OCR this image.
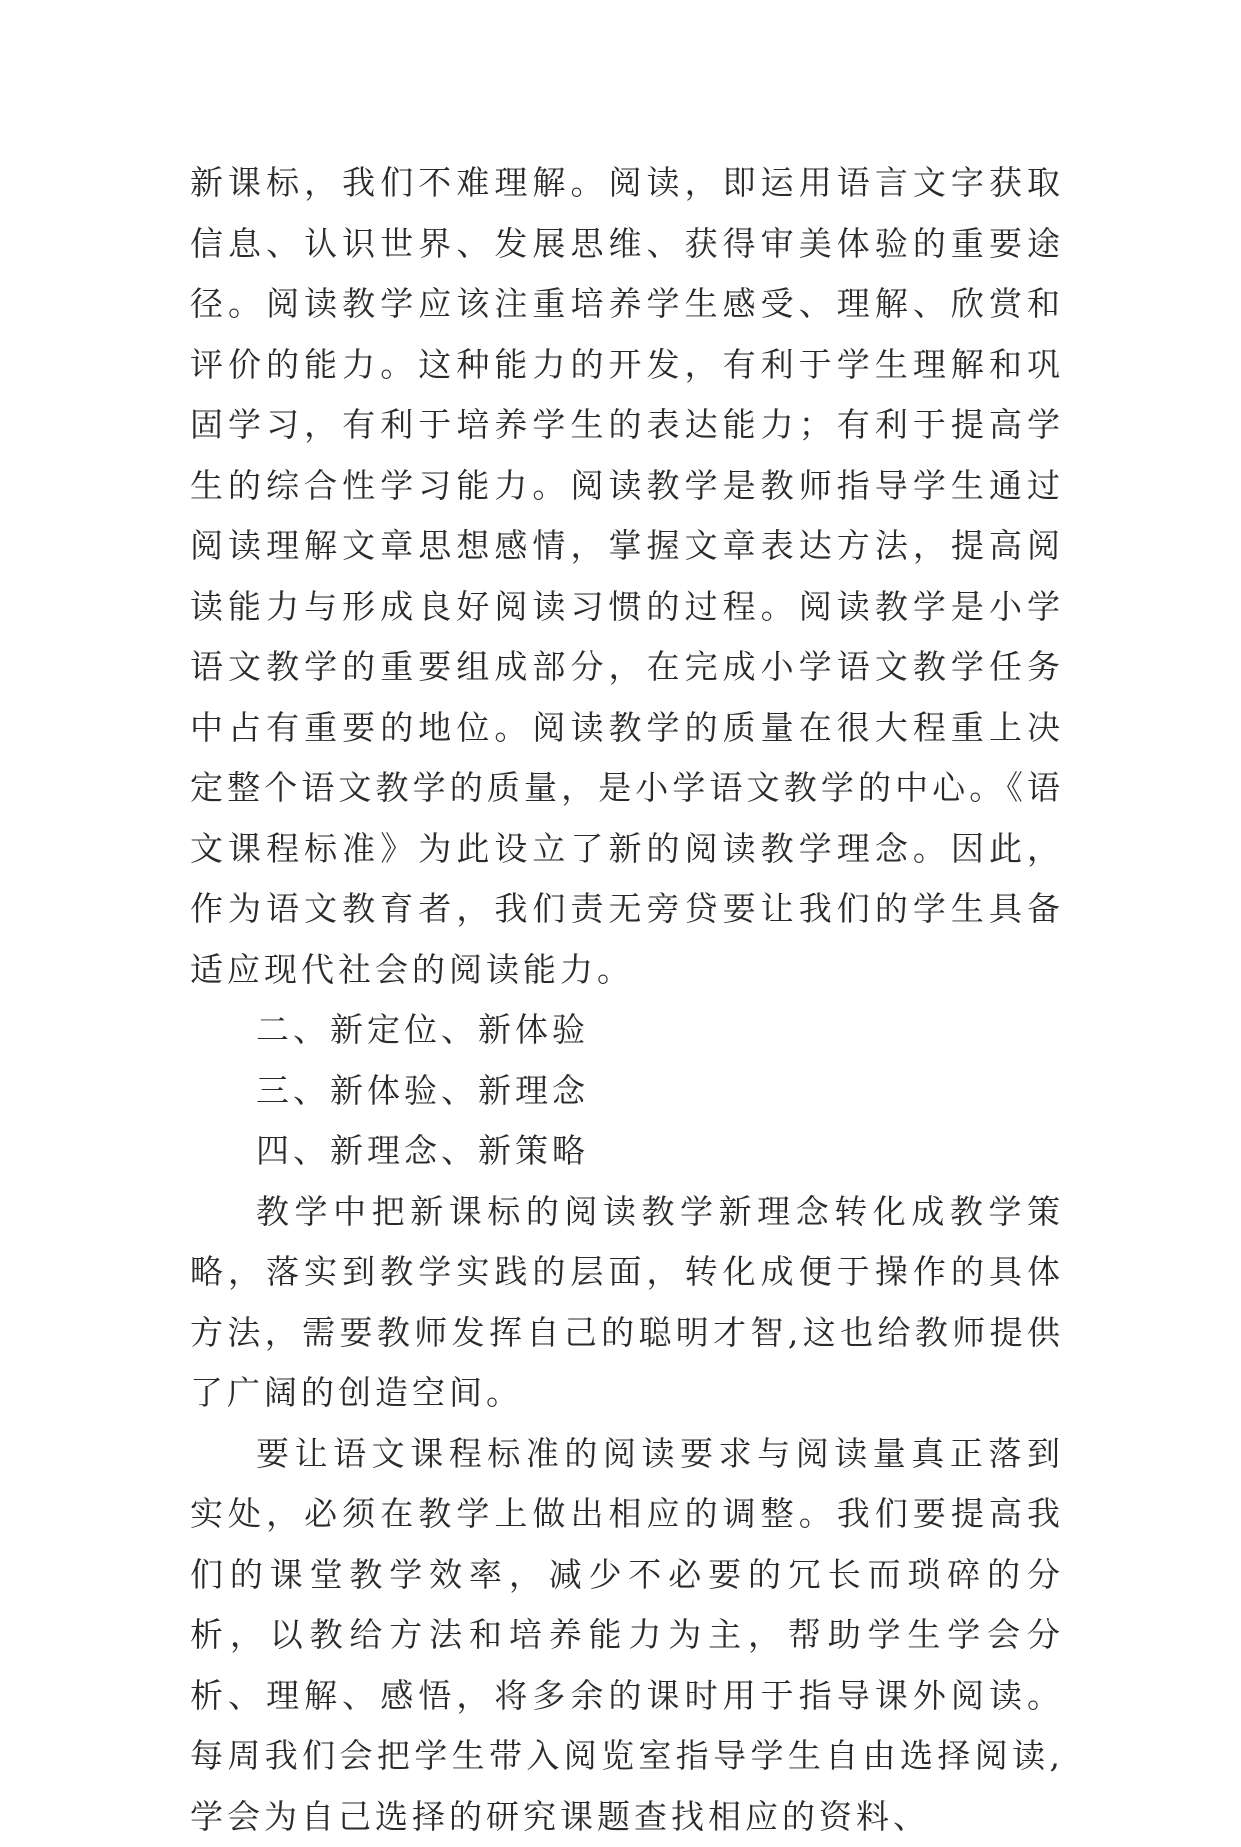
新课标，我们不难理解。阅读，即运用语言文字获取信息、认识世界、发展思维、获得审美体验的重要途径。阅读教学应该注重培养学生感受、理解、欣赏和评价的能力。这种能力的开发，有利于学生理解和巩固学习，有利于培养学生的表达能力；有利于提高学生的综合性学习能力。阅读教学是教师指导学生通过阅读理解文章思想感情，掌握文章表达方法，提高阅读能力与形成良好阅读习惯的过程。阅读教学是小学语文教学的重要组成部分，在完成小学语文教学任务中占有重要的地位。阅读教学的质量在很大程重上决定整个语文教学的质量，是小学语文教学的中心。《语文课程标准》为此设立了新的阅读教学理念。因此，作为语文教育者，我们责无旁贷要让我们的学生具备适应现代社会的阅读能力。

二、新定位、新体验

三、新体验、新理念

四、新理念、新策略

教学中把新课标的阅读教学新理念转化成教学策略，落实到教学实践的层面，转化成便于操作的具体方法，需要教师发挥自己的聪明才智,这也给教师提供了广阔的创造空间。

要让语文课程标准的阅读要求与阅读量真正落到实处，必须在教学上做出相应的调整。我们要提高我们的课堂教学效率，减少不必要的冗长而琐碎的分析，以教给方法和培养能力为主，帮助学生学会分析、理解、感悟，将多余的课时用于指导课外阅读。每周我们会把学生带入阅览室指导学生自由选择阅读,学会为自己选择的研究课题查找相应的资料、
